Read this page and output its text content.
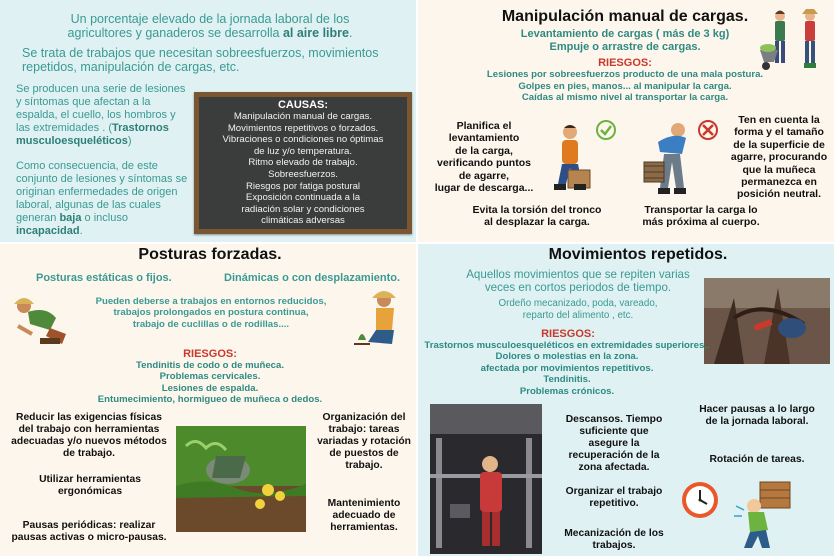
Un porcentaje elevado de la jornada laboral de los agricultores y ganaderos se desarrolla al aire libre.
Se trata de trabajos que necesitan sobreesfuerzos, movimientos repetidos, manipulación de cargas, etc.
Se producen una serie de lesiones y síntomas que afectan a la espalda, el cuello, los hombros y las extremidades . (Trastornos musculoesqueléticos)
Como consecuencia, de este conjunto de lesiones y síntomas se originan enfermedades de origen laboral, algunas de las cuales generan baja o incluso incapacidad.
CAUSAS:
Manipulación manual de cargas.
Movimientos repetitivos o forzados.
Vibraciones o condiciones no óptimas
de luz y/o temperatura.
Ritmo elevado de trabajo.
Sobreesfuerzos.
Riesgos por fatiga postural
Exposición continuada a la
radiación solar y condiciones
climáticas adversas
Manipulación manual de cargas.
Levantamiento de cargas ( más de 3 kg)
Empuje o arrastre de cargas.
RIESGOS:
Lesiones por sobreesfuerzos producto de una mala postura.
Golpes en pies, manos... al manipular la carga.
Caídas al mismo nivel al transportar la carga.
Planifica el
levantamiento
de la carga,
verificando puntos
de agarre,
lugar de descarga...
Ten en cuenta la
forma y el tamaño
de la superficie de
agarre, procurando
que la muñeca
permanezca en
posición neutral.
Evita la torsión del tronco
al desplazar la carga.
Transportar la carga lo
más próxima al cuerpo.
Posturas forzadas.
Posturas estáticas o fijos.	Dinámicas o con desplazamiento.
Pueden deberse a trabajos en entornos reducidos,
trabajos prolongados en postura continua,
trabajo de cuclillas o de rodillas....
RIESGOS:
Tendinitis de codo o de muñeca.
Problemas cervicales.
Lesiones de espalda.
Entumecimiento, hormigueo de muñeca o dedos.
Reducir las exigencias físicas
del trabajo con herramientas
adecuadas y/o nuevos métodos
de trabajo.
Utilizar herramientas
ergonómicas
Pausas periódicas: realizar
pausas activas o micro-pausas.
Organización del
trabajo: tareas
variadas y rotación
de puestos de
trabajo.
Mantenimiento
adecuado de
herramientas.
Movimientos repetidos.
Aquellos movimientos que se repiten varias
veces en cortos periodos de tiempo.
Ordeño mecanizado, poda, vareado,
reparto del alimento , etc.
RIESGOS:
Trastornos musculoesqueléticos en extremidades superiores,.
Dolores o molestias en la zona.
afectada por movimientos repetitivos.
Tendinitis.
Problemas crónicos.
Descansos. Tiempo
suficiente que
asegure la
recuperación de la
zona afectada.
Organizar el trabajo
repetitivo.
Mecanización de los
trabajos.
Hacer pausas a lo largo
de la jornada laboral.
Rotación de tareas.
